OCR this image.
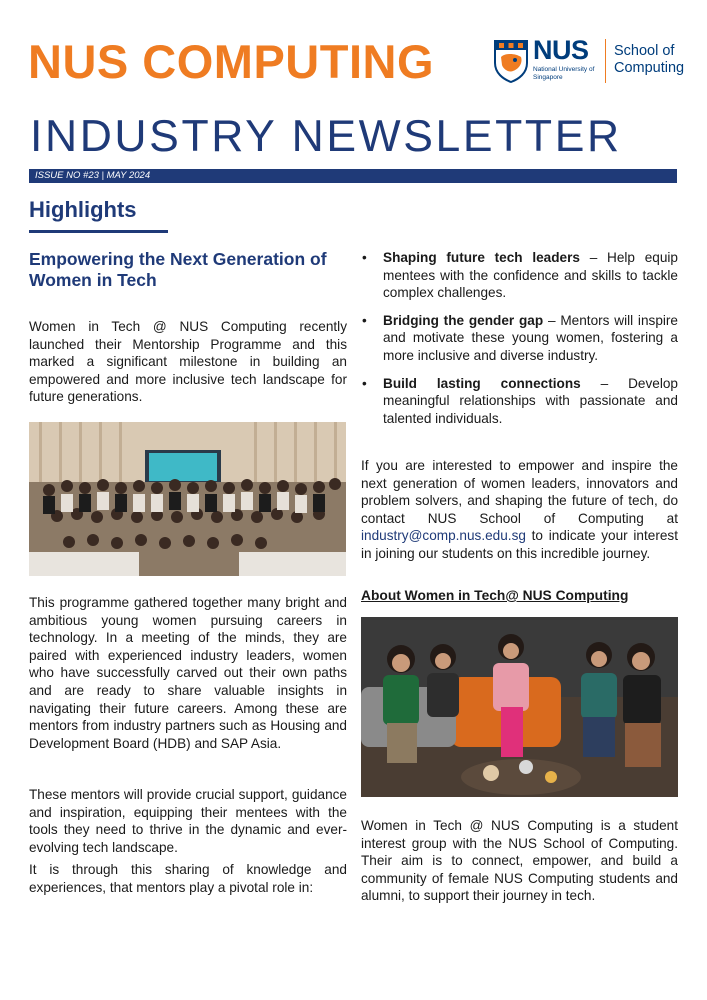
NUS COMPUTING	NUS
National University of Singapore
School of Computing
INDUSTRY NEWSLETTER
ISSUE NO #23 | MAY 2024
Highlights
Empowering the Next Generation of Women in Tech
Women in Tech @ NUS Computing recently launched their Mentorship Programme and this marked a significant milestone in building an empowered and more inclusive tech landscape for future generations.
This programme gathered together many bright and ambitious young women pursuing careers in technology. In a meeting of the minds, they are paired with experienced industry leaders, women who have successfully carved out their own paths and are ready to share valuable insights in navigating their future careers. Among these are mentors from industry partners such as Housing and Development Board (HDB) and SAP Asia.
These mentors will provide crucial support, guidance and inspiration, equipping their mentees with the tools they need to thrive in the dynamic and ever-evolving tech landscape.
It is through this sharing of knowledge and experiences, that mentors play a pivotal role in:
• Shaping future tech leaders – Help equip mentees with the confidence and skills to tackle complex challenges.
• Bridging the gender gap – Mentors will inspire and motivate these young women, fostering a more inclusive and diverse industry.
• Build lasting connections – Develop meaningful relationships with passionate and talented individuals.
If you are interested to empower and inspire the next generation of women leaders, innovators and problem solvers, and shaping the future of tech, do contact NUS School of Computing at industry@comp.nus.edu.sg to indicate your interest in joining our students on this incredible journey.
About Women in Tech@ NUS Computing
Women in Tech @ NUS Computing is a student interest group with the NUS School of Computing. Their aim is to connect, empower, and build a community of female NUS Computing students and alumni, to support their journey in tech.
